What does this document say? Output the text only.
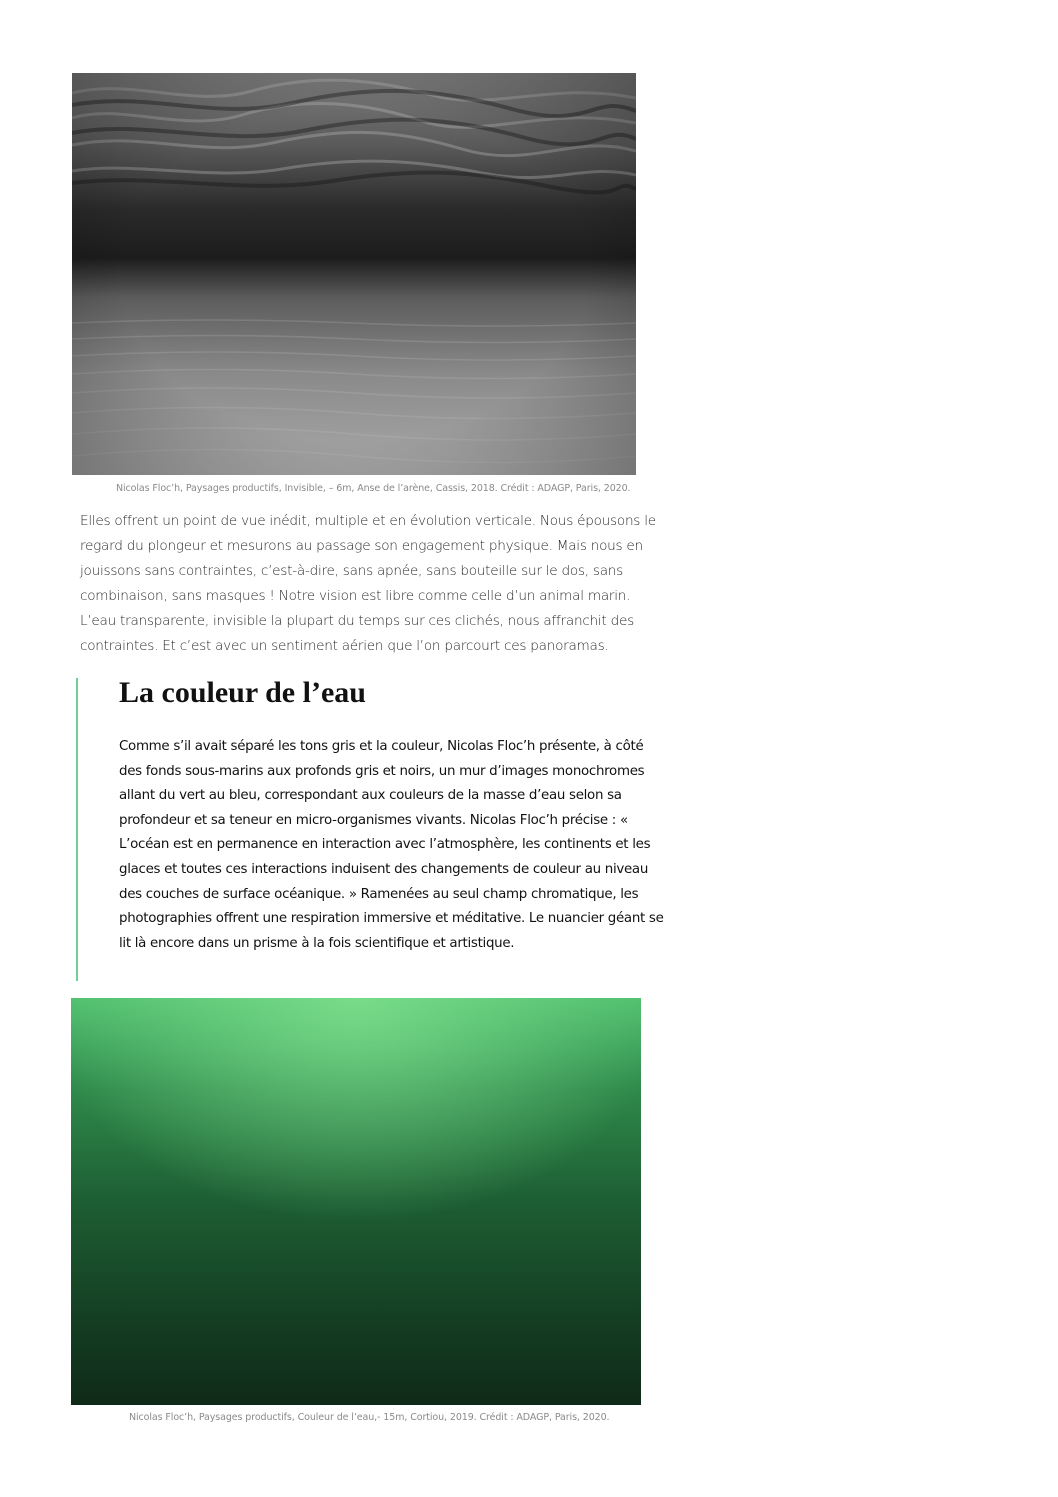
Nicolas Floc’h, Paysages productifs, Invisible, – 6m, Anse de l’arène, Cassis, 2018. Crédit : ADAGP, Paris, 2020.

Elles offrent un point de vue inédit, multiple et en évolution verticale. Nous épousons le regard du plongeur et mesurons au passage son engagement physique. Mais nous en jouissons sans contraintes, c’est-à-dire, sans apnée, sans bouteille sur le dos, sans combinaison, sans masques ! Notre vision est libre comme celle d’un animal marin. L’eau transparente, invisible la plupart du temps sur ces clichés, nous affranchit des contraintes. Et c’est avec un sentiment aérien que l’on parcourt ces panoramas.

La couleur de l’eau

Comme s’il avait séparé les tons gris et la couleur, Nicolas Floc’h présente, à côté des fonds sous-marins aux profonds gris et noirs, un mur d’images monochromes allant du vert au bleu, correspondant aux couleurs de la masse d’eau selon sa profondeur et sa teneur en micro-organismes vivants. Nicolas Floc’h précise : « L’océan est en permanence en interaction avec l’atmosphère, les continents et les glaces et toutes ces interactions induisent des changements de couleur au niveau des couches de surface océanique. » Ramenées au seul champ chromatique, les photographies offrent une respiration immersive et méditative. Le nuancier géant se lit là encore dans un prisme à la fois scientifique et artistique.

Nicolas Floc’h, Paysages productifs, Couleur de l’eau,- 15m, Cortiou, 2019. Crédit : ADAGP, Paris, 2020.
